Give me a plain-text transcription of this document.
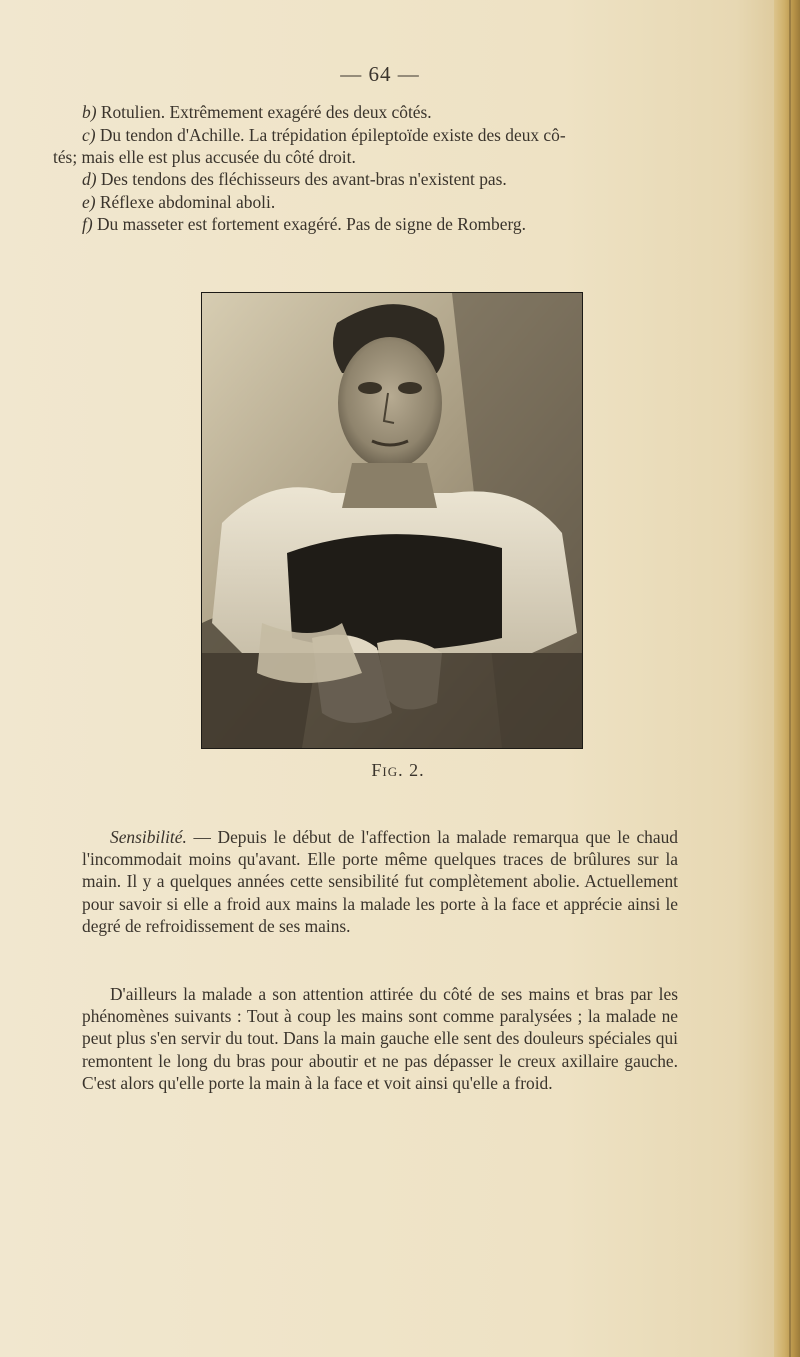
— 64 —
b) Rotulien. Extrêmement exagéré des deux côtés.
c) Du tendon d'Achille. La trépidation épileptoïde existe des deux cô-
tés; mais elle est plus accusée du côté droit.
d) Des tendons des fléchisseurs des avant-bras n'existent pas.
e) Réflexe abdominal aboli.
f) Du masseter est fortement exagéré. Pas de signe de Romberg.
Fig. 2.
Sensibilité. — Depuis le début de l'affection la malade remarqua que le chaud l'incommodait moins qu'avant. Elle porte même quelques traces de brûlures sur la main. Il y a quelques années cette sensibilité fut complètement abolie. Actuellement pour savoir si elle a froid aux mains la malade les porte à la face et apprécie ainsi le degré de refroidissement de ses mains.
D'ailleurs la malade a son attention attirée du côté de ses mains et bras par les phénomènes suivants : Tout à coup les mains sont comme paralysées ; la malade ne peut plus s'en servir du tout. Dans la main gauche elle sent des douleurs spéciales qui remontent le long du bras pour aboutir et ne pas dépasser le creux axillaire gauche. C'est alors qu'elle porte la main à la face et voit ainsi qu'elle a froid.
